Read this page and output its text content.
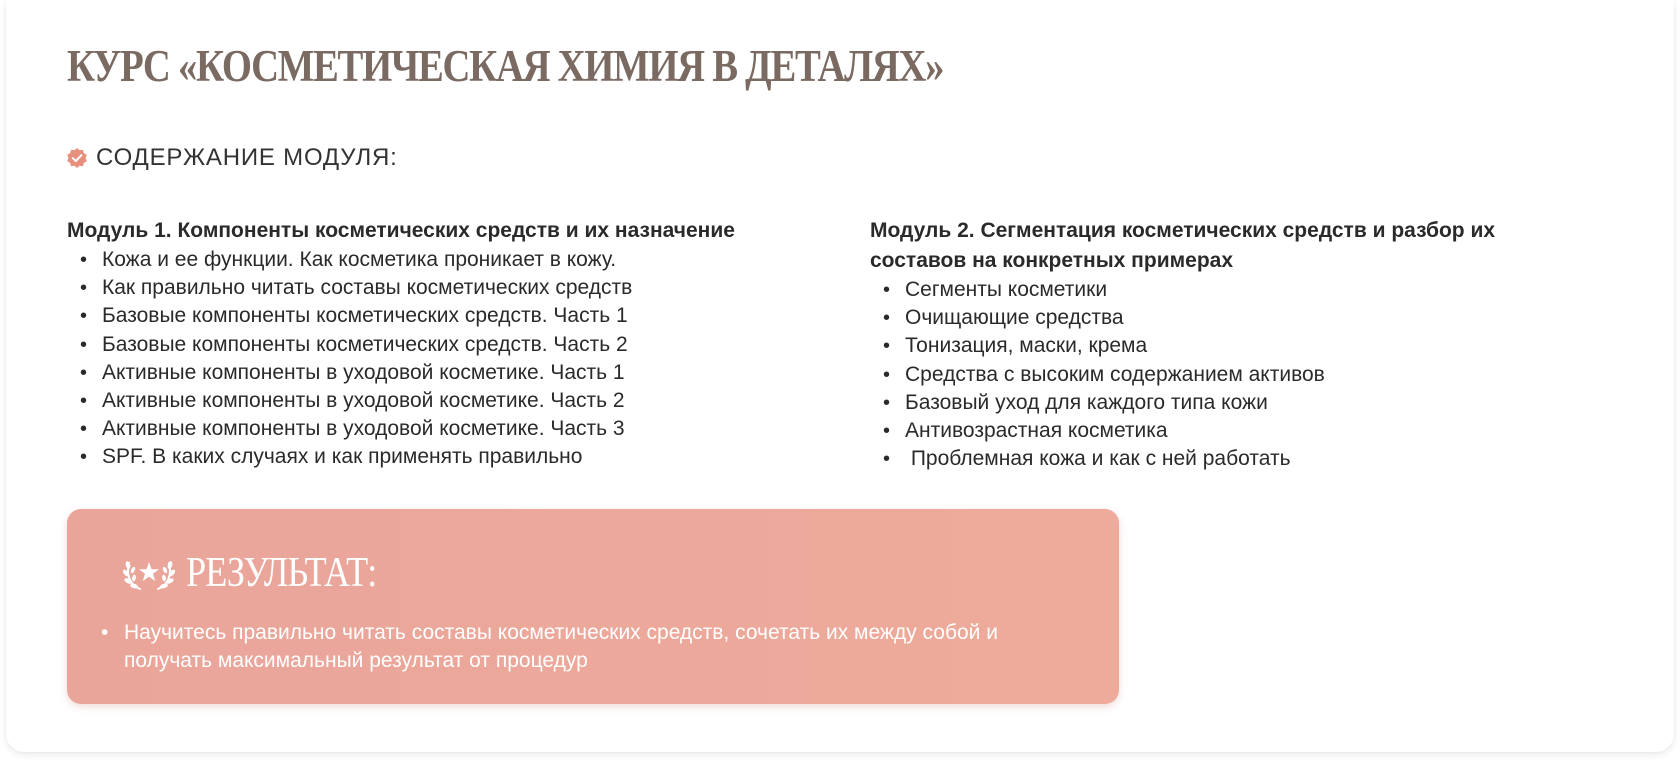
КУРС «КОСМЕТИЧЕСКАЯ ХИМИЯ В ДЕТАЛЯХ»
СОДЕРЖАНИЕ МОДУЛЯ:
Модуль 1. Компоненты косметических средств и их назначение
• Кожа и ее функции. Как косметика проникает в кожу.
• Как правильно читать составы косметических средств
• Базовые компоненты косметических средств. Часть 1
• Базовые компоненты косметических средств. Часть 2
• Активные компоненты в уходовой косметике. Часть 1
• Активные компоненты в уходовой косметике. Часть 2
• Активные компоненты в уходовой косметике. Часть 3
• SPF. В каких случаях и как применять правильно
Модуль 2. Сегментация косметических средств и разбор их составов на конкретных примерах
• Сегменты косметики
• Очищающие средства
• Тонизация, маски, крема
• Средства с высоким содержанием активов
• Базовый уход для каждого типа кожи
• Антивозрастная косметика
•  Проблемная кожа и как с ней работать
РЕЗУЛЬТАТ:
• Научитесь правильно читать составы косметических средств, сочетать их между собой и получать максимальный результат от процедур
